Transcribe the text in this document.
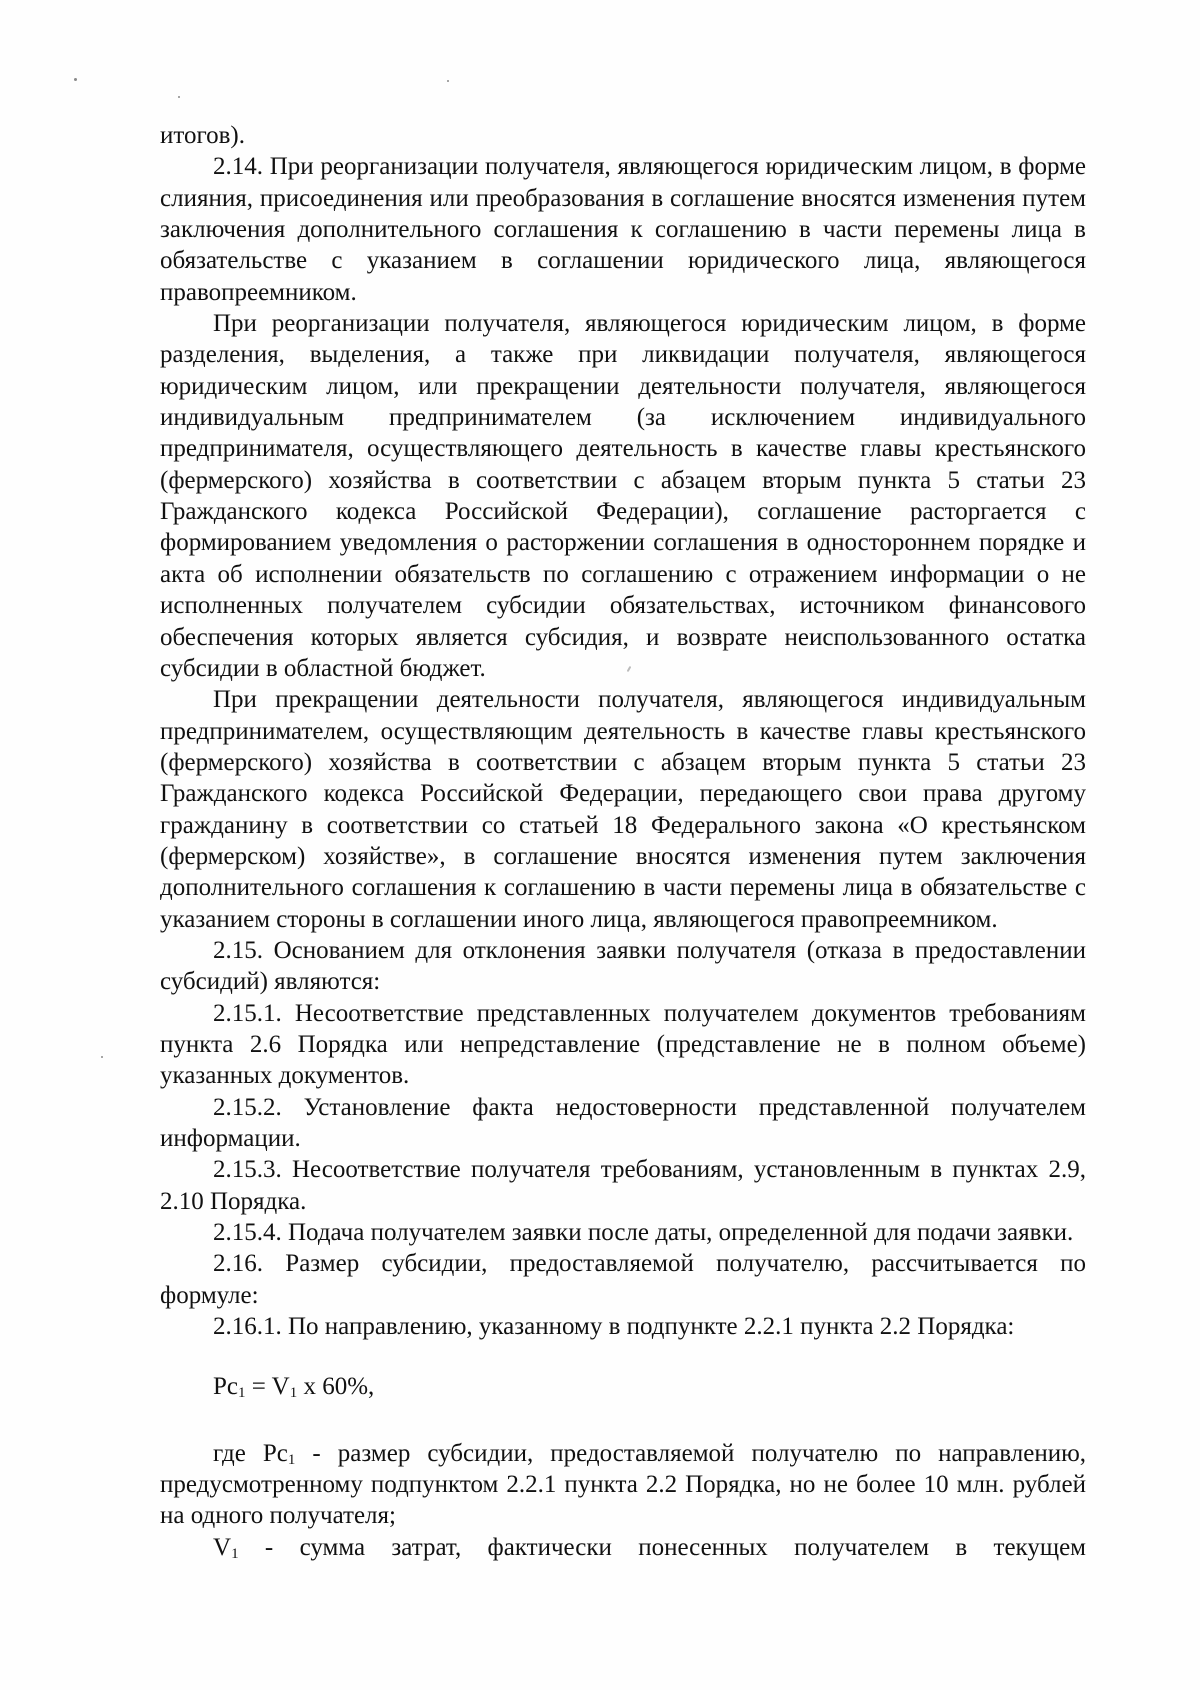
итогов).

2.14. При реорганизации получателя, являющегося юридическим лицом, в форме слияния, присоединения или преобразования в соглашение вносятся изменения путем заключения дополнительного соглашения к соглашению в части перемены лица в обязательстве с указанием в соглашении юридического лица, являющегося правопреемником.

При реорганизации получателя, являющегося юридическим лицом, в форме разделения, выделения, а также при ликвидации получателя, являющегося юридическим лицом, или прекращении деятельности получателя, являющегося индивидуальным предпринимателем (за исключением индивидуального предпринимателя, осуществляющего деятельность в качестве главы крестьянского (фермерского) хозяйства в соответствии с абзацем вторым пункта 5 статьи 23 Гражданского кодекса Российской Федерации), соглашение расторгается с формированием уведомления о расторжении соглашения в одностороннем порядке и акта об исполнении обязательств по соглашению с отражением информации о не исполненных получателем субсидии обязательствах, источником финансового обеспечения которых является субсидия, и возврате неиспользованного остатка субсидии в областной бюджет.

При прекращении деятельности получателя, являющегося индивидуальным предпринимателем, осуществляющим деятельность в качестве главы крестьянского (фермерского) хозяйства в соответствии с абзацем вторым пункта 5 статьи 23 Гражданского кодекса Российской Федерации, передающего свои права другому гражданину в соответствии со статьей 18 Федерального закона «О крестьянском (фермерском) хозяйстве», в соглашение вносятся изменения путем заключения дополнительного соглашения к соглашению в части перемены лица в обязательстве с указанием стороны в соглашении иного лица, являющегося правопреемником.

2.15. Основанием для отклонения заявки получателя (отказа в предоставлении субсидий) являются:

2.15.1. Несоответствие представленных получателем документов требованиям пункта 2.6 Порядка или непредставление (представление не в полном объеме) указанных документов.

2.15.2. Установление факта недостоверности представленной получателем информации.

2.15.3. Несоответствие получателя требованиям, установленным в пунктах 2.9, 2.10 Порядка.

2.15.4. Подача получателем заявки после даты, определенной для подачи заявки.

2.16. Размер субсидии, предоставляемой получателю, рассчитывается по формуле:

2.16.1. По направлению, указанному в подпункте 2.2.1 пункта 2.2 Порядка:

$Pc_1 = V_1$ x 60%,

где $Pc_1$ - размер субсидии, предоставляемой получателю по направлению, предусмотренному подпунктом 2.2.1 пункта 2.2 Порядка, но не более 10 млн. рублей на одного получателя;

$V_1$ - сумма затрат, фактически понесенных получателем в текущем
